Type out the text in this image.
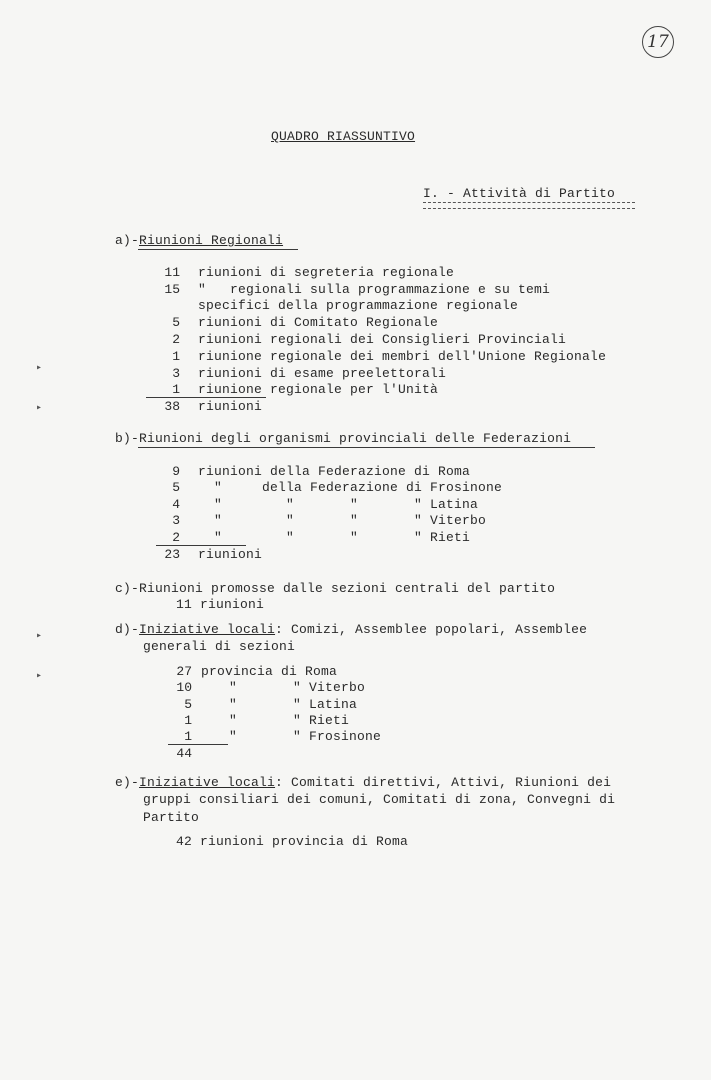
17
QUADRO RIASSUNTIVO
I. - Attività di Partito
a)-Riunioni Regionali
11 riunioni di segreteria regionale
15 "   regionali sulla programmazione e su temi
specifici della programmazione regionale
5 riunioni di Comitato Regionale
2 riunioni regionali dei Consiglieri Provinciali
1 riunione regionale dei membri dell'Unione Regionale
3 riunioni di esame preelettorali
1 riunione regionale per l'Unità
38 riunioni
▸
▸
b)-Riunioni degli organismi provinciali delle Federazioni
9 riunioni della Federazione di Roma
5 "     della Federazione di Frosinone
4 "        "       "       " Latina
3 "        "       "       " Viterbo
2 "        "       "       " Rieti
23 riunioni
c)-Riunioni promosse dalle sezioni centrali del partito
11 riunioni
▸
▸
d)-Iniziative locali: Comizi, Assemblee popolari, Assemblee
generali di sezioni
27 provincia di Roma
10 "       " Viterbo
5 "       " Latina
1 "       " Rieti
1 "       " Frosinone
44
e)-Iniziative locali: Comitati direttivi, Attivi, Riunioni dei
gruppi consiliari dei comuni, Comitati di zona, Convegni di
Partito
42 riunioni provincia di Roma
